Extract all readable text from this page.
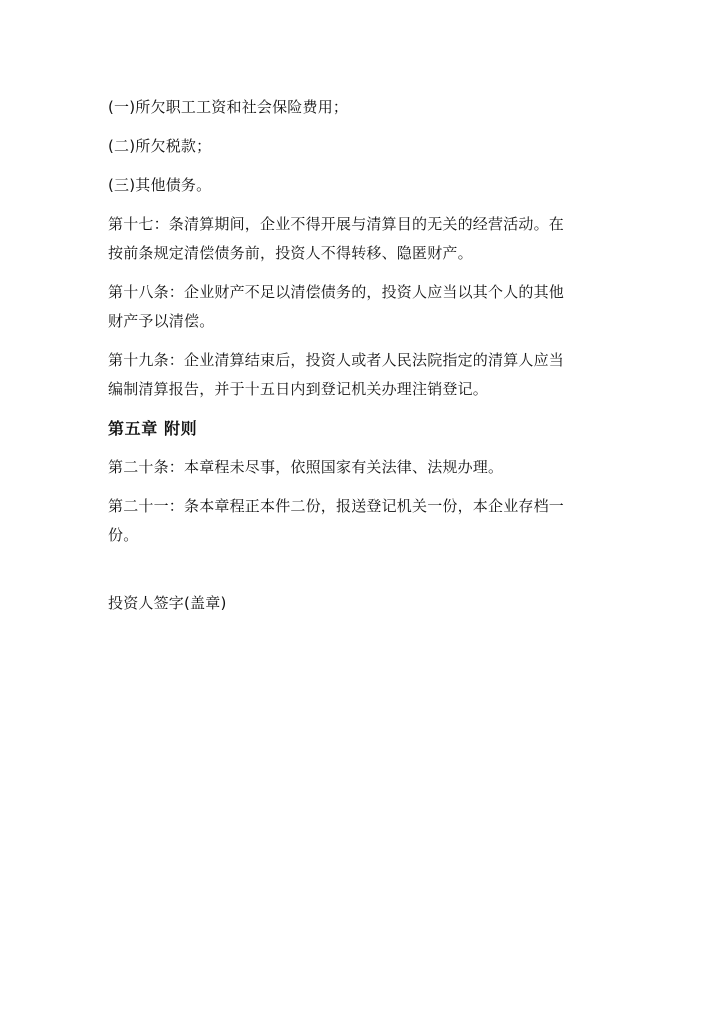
(一)所欠职工工资和社会保险费用；

(二)所欠税款；

(三)其他债务。

第十七：条清算期间，企业不得开展与清算目的无关的经营活动。在

按前条规定清偿债务前，投资人不得转移、隐匿财产。

第十八条：企业财产不足以清偿债务的，投资人应当以其个人的其他

财产予以清偿。

第十九条：企业清算结束后，投资人或者人民法院指定的清算人应当

编制清算报告，并于十五日内到登记机关办理注销登记。

第五章 附则

第二十条：本章程未尽事，依照国家有关法律、法规办理。

第二十一：条本章程正本件二份，报送登记机关一份，本企业存档一

份。

投资人签字(盖章)
